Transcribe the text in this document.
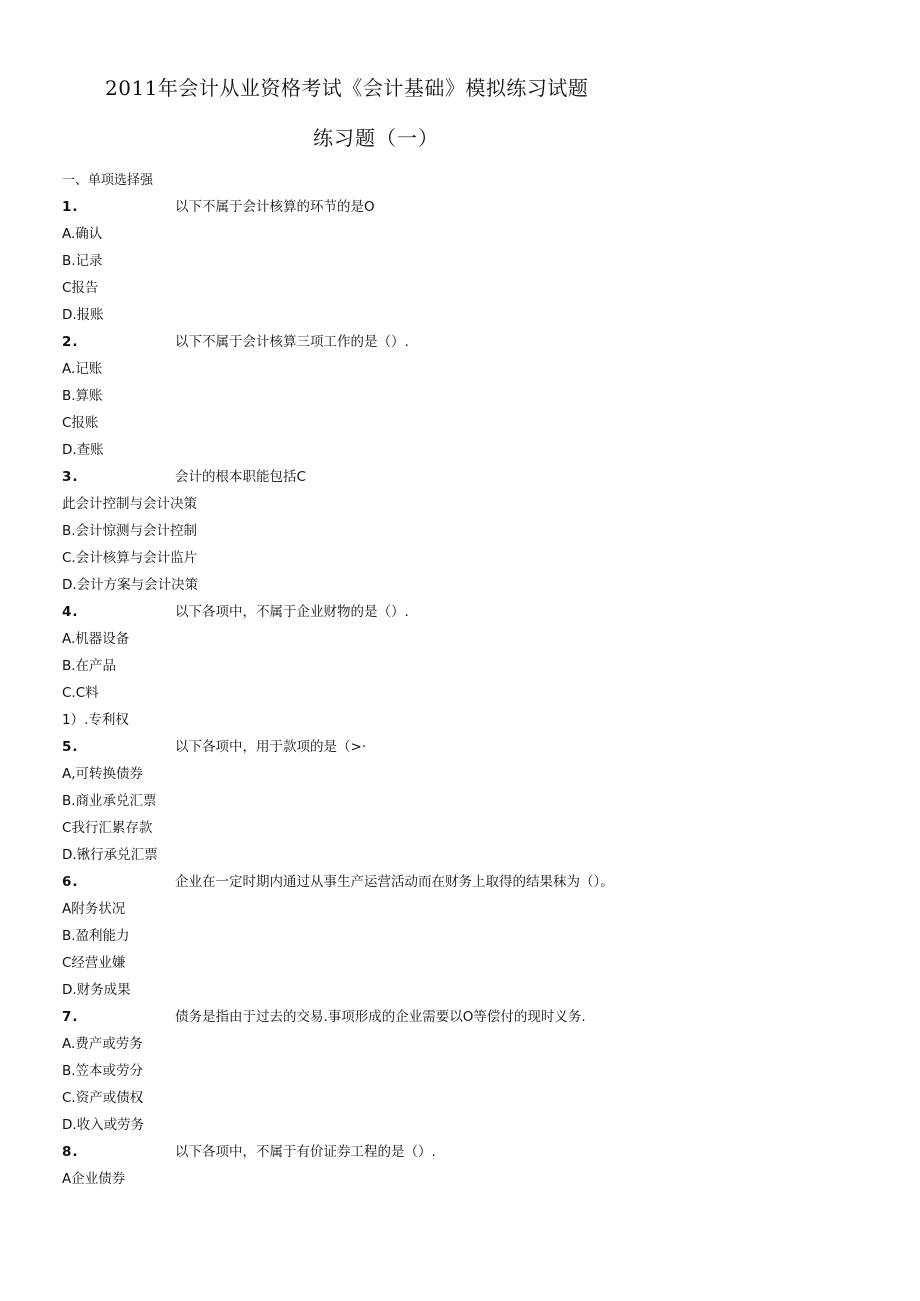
2011年会计从业资格考试《会计基础》模拟练习试题
练习题（一）
一、单项选择强
1.	以下不属于会计核算的环节的是O
A.确认
B.记录
C报告
D.报账
2.	以下不属于会计核算三项工作的是（）.
A.记账
B.算账
C报账
D.查账
3.	会计的根本职能包括C
此会计控制与会计决策
B.会计惊测与会计控制
C.会计核算与会计监片
D.会计方案与会计决策
4.	以下各项中，不属于企业财物的是（）.
A.机器设备
B.在产品
C.C料
1）.专利权
5.	以下各项中，用于款项的是（>·
A,可转换债券
B.商业承兑汇票
C我行汇累存款
D.锹行承兑汇票
6.	企业在一定时期内通过从事生产运营活动而在财务上取得的结果秣为（）。
A附务状况
B.盈利能力
C经营业嫌
D.财务成果
7.	债务是指由于过去的交易.事项形成的企业需要以O等偿付的现时义务.
A.费产或劳务
B.笠本或劳分
C.资产或债权
D.收入或劳务
8.	以下各项中，不属于有价证券工程的是（）.
A企业债券
